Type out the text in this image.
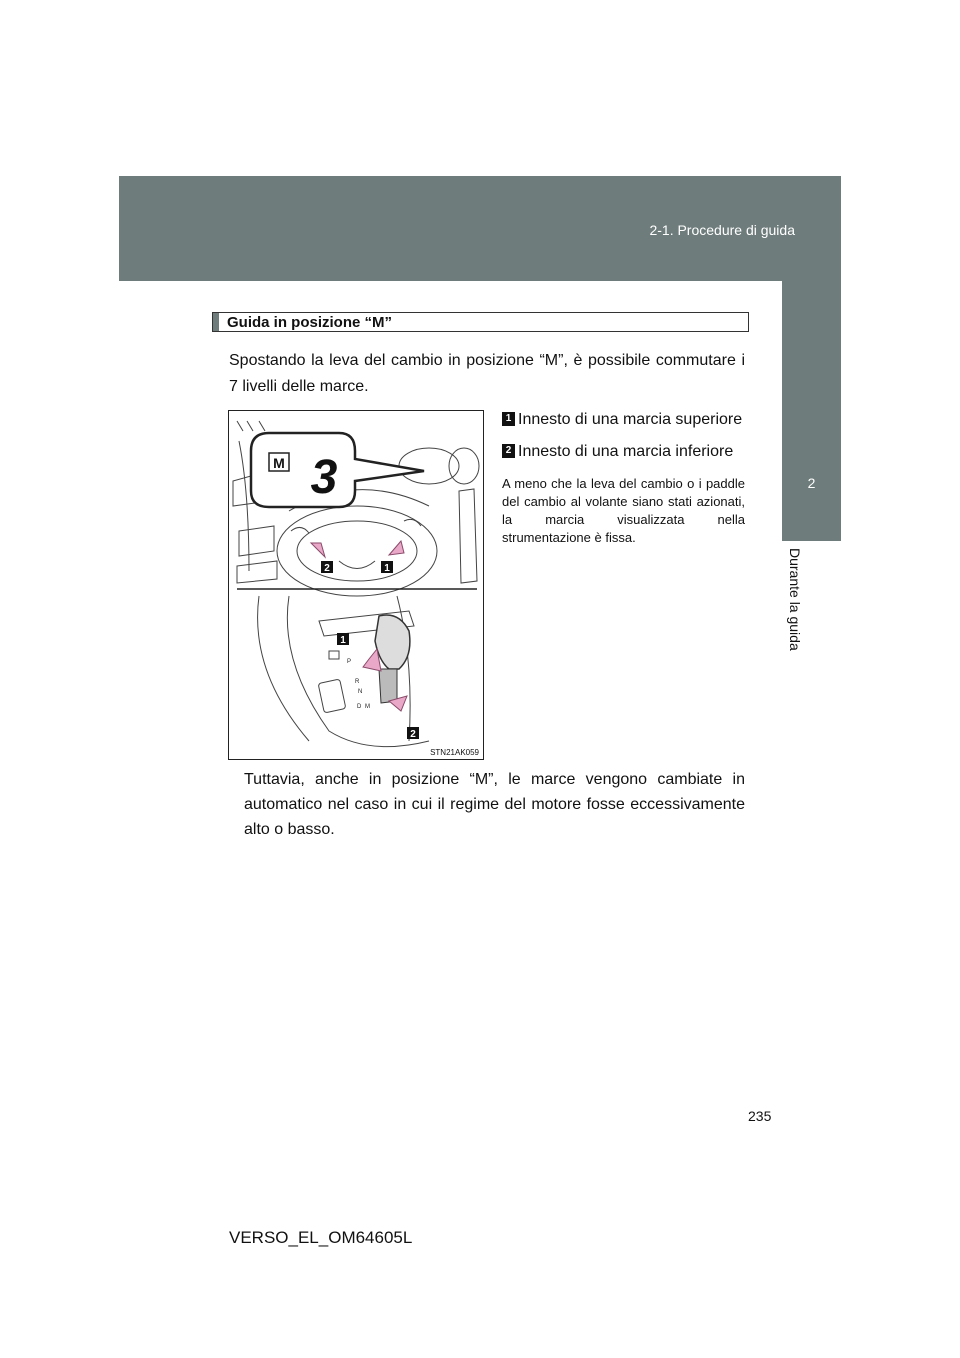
2-1. Procedure di guida
2
Durante la guida
Guida in posizione “M”
Spostando la leva del cambio in posizione “M”, è possibile commutare i 7 livelli delle marce.
M 3
P
R
N
D M
2	1
1
2
STN21AK059
1 Innesto di una marcia superiore
2 Innesto di una marcia inferiore
A meno che la leva del cambio o i paddle del cambio al volante siano stati azionati, la marcia visualizzata nella strumentazione è fissa.
Tuttavia, anche in posizione “M”, le marce vengono cambiate in automatico nel caso in cui il regime del motore fosse eccessivamente alto o basso.
235
VERSO_EL_OM64605L
